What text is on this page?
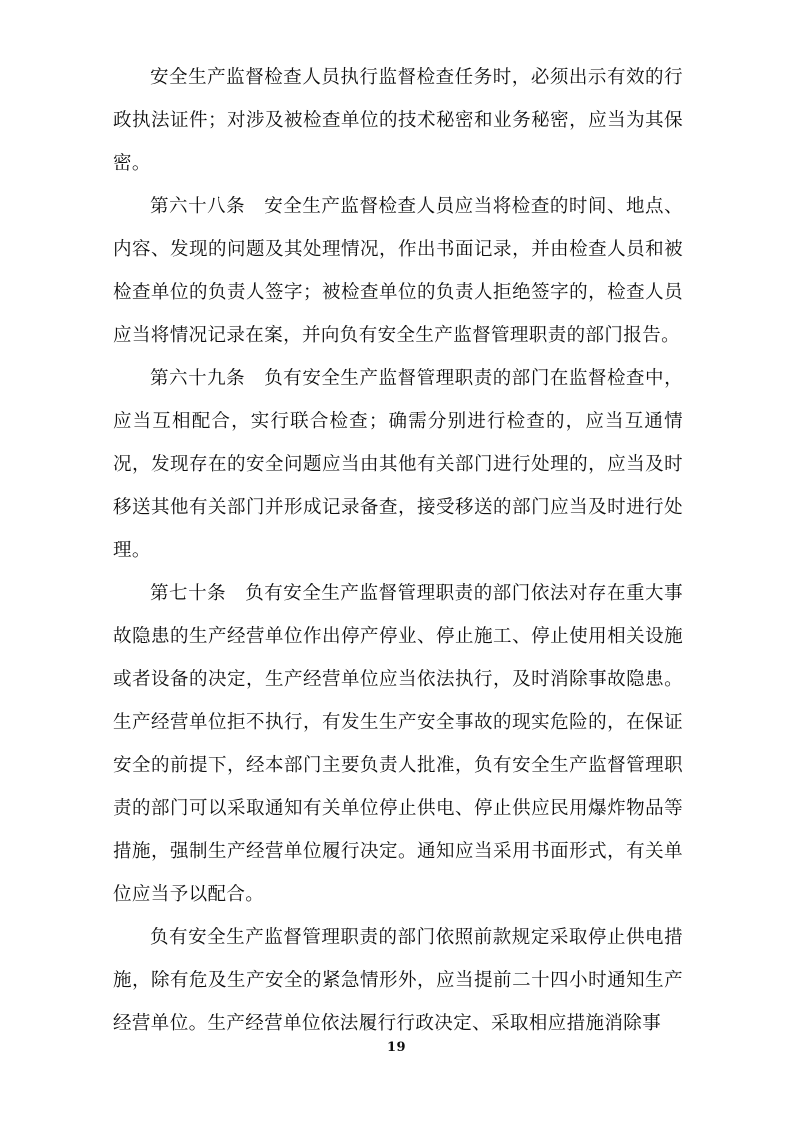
安全生产监督检查人员执行监督检查任务时，必须出示有效的行政执法证件；对涉及被检查单位的技术秘密和业务秘密，应当为其保密。

第六十八条　安全生产监督检查人员应当将检查的时间、地点、内容、发现的问题及其处理情况，作出书面记录，并由检查人员和被检查单位的负责人签字；被检查单位的负责人拒绝签字的，检查人员应当将情况记录在案，并向负有安全生产监督管理职责的部门报告。

第六十九条　负有安全生产监督管理职责的部门在监督检查中，应当互相配合，实行联合检查；确需分别进行检查的，应当互通情况，发现存在的安全问题应当由其他有关部门进行处理的，应当及时移送其他有关部门并形成记录备查，接受移送的部门应当及时进行处理。

第七十条　负有安全生产监督管理职责的部门依法对存在重大事故隐患的生产经营单位作出停产停业、停止施工、停止使用相关设施或者设备的决定，生产经营单位应当依法执行，及时消除事故隐患。生产经营单位拒不执行，有发生生产安全事故的现实危险的，在保证安全的前提下，经本部门主要负责人批准，负有安全生产监督管理职责的部门可以采取通知有关单位停止供电、停止供应民用爆炸物品等措施，强制生产经营单位履行决定。通知应当采用书面形式，有关单位应当予以配合。

负有安全生产监督管理职责的部门依照前款规定采取停止供电措施，除有危及生产安全的紧急情形外，应当提前二十四小时通知生产经营单位。生产经营单位依法履行行政决定、采取相应措施消除事

19
